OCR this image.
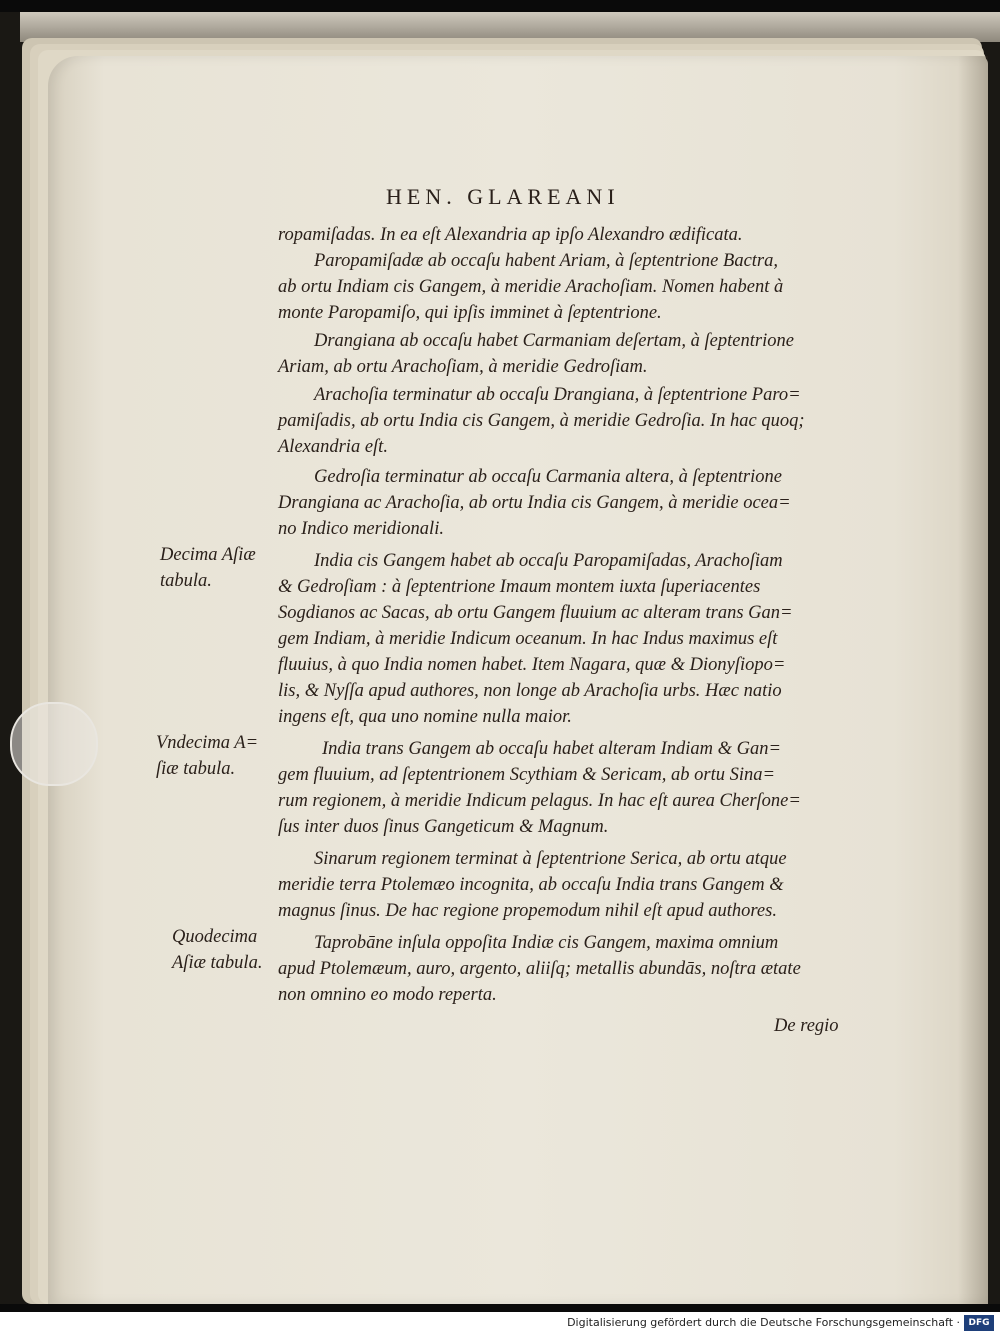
HEN. GLAREANI
ropamiſadas. In ea eſt Alexandria ap ipſo Alexandro ædificata.
Paropamiſadæ ab occaſu habent Ariam, à ſeptentrione Bactra,
ab ortu Indiam cis Gangem, à meridie Arachoſiam. Nomen habent à
monte Paropamiſo, qui ipſis imminet à ſeptentrione.
Drangiana ab occaſu habet Carmaniam deſertam, à ſeptentrione
Ariam, ab ortu Arachoſiam, à meridie Gedroſiam.
Arachoſia terminatur ab occaſu Drangiana, à ſeptentrione Paro=
pamiſadis, ab ortu India cis Gangem, à meridie Gedroſia. In hac quoq;
Alexandria eſt.
Gedroſia terminatur ab occaſu Carmania altera, à ſeptentrione
Drangiana ac Arachoſia, ab ortu India cis Gangem, à meridie ocea=
no Indico meridionali.
India cis Gangem habet ab occaſu Paropamiſadas, Arachoſiam
& Gedroſiam : à ſeptentrione Imaum montem iuxta ſuperiacentes
Sogdianos ac Sacas, ab ortu Gangem fluuium ac alteram trans Gan=
gem Indiam, à meridie Indicum oceanum. In hac Indus maximus eſt
fluuius, à quo India nomen habet. Item Nagara, quæ & Dionyſiopo=
lis, & Nyſſa apud authores, non longe ab Arachoſia urbs. Hæc natio
ingens eſt, qua uno nomine nulla maior.
India trans Gangem ab occaſu habet alteram Indiam & Gan=
gem fluuium, ad ſeptentrionem Scythiam & Sericam, ab ortu Sina=
rum regionem, à meridie Indicum pelagus. In hac eſt aurea Cherſone=
ſus inter duos ſinus Gangeticum & Magnum.
Sinarum regionem terminat à ſeptentrione Serica, ab ortu atque
meridie terra Ptolemæo incognita, ab occaſu India trans Gangem &
magnus ſinus. De hac regione propemodum nihil eſt apud authores.
Taprobāne inſula oppoſita Indiæ cis Gangem, maxima omnium
apud Ptolemæum, auro, argento, aliiſq; metallis abundās, noſtra ætate
non omnino eo modo reperta.
Decima Aſiæ
tabula.
Vndecima A=
ſiæ tabula.
Quodecima
Aſiæ tabula.
De regio
Digitalisierung gefördert durch die Deutsche Forschungsgemeinschaft · DFG
